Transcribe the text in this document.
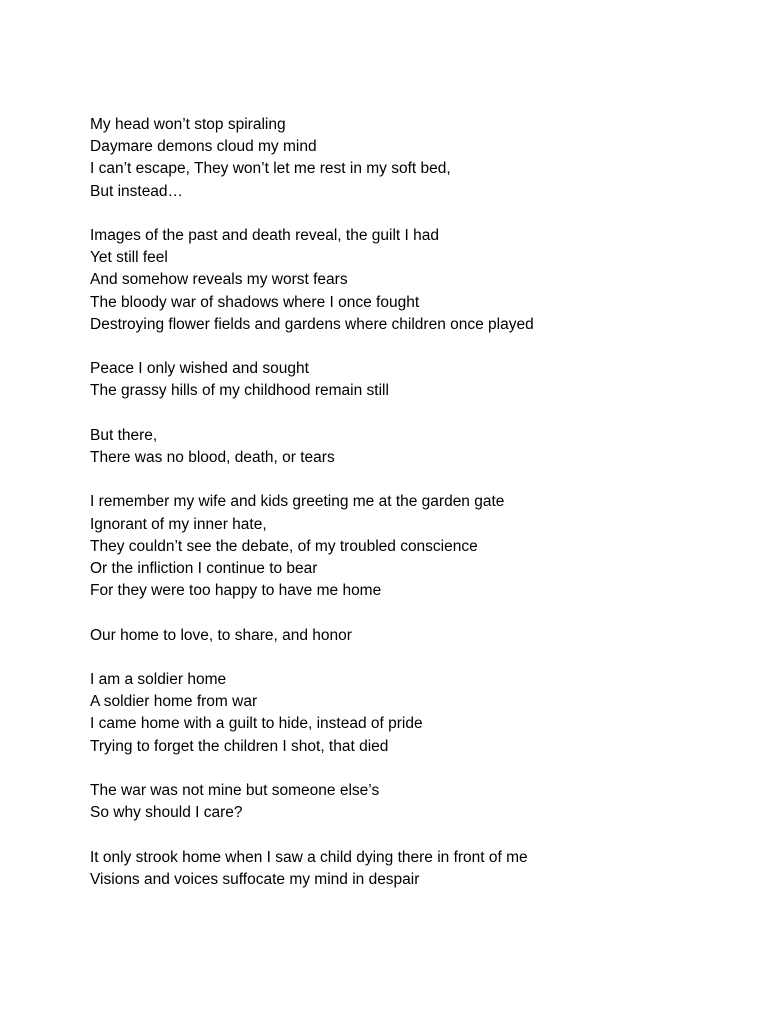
My head won’t stop spiraling
Daymare demons cloud my mind
I can’t escape, They won’t let me rest in my soft bed,
But instead…
Images of the past and death reveal, the guilt I had
Yet still feel
And somehow reveals my worst fears
The bloody war of shadows where I once fought
Destroying flower fields and gardens where children once played
Peace I only wished and sought
The grassy hills of my childhood remain still
But there,
There was no blood, death, or tears
I remember my wife and kids greeting me at the garden gate
Ignorant of my inner hate,
They couldn’t see the debate, of my troubled conscience
Or the infliction I continue to bear
For they were too happy to have me home
Our home to love, to share, and honor
I am a soldier home
A soldier home from war
I came home with a guilt to hide, instead of pride
Trying to forget the children I shot, that died
The war was not mine but someone else’s
So why should I care?
It only strook home when I saw a child dying there in front of me
Visions and voices suffocate my mind in despair
